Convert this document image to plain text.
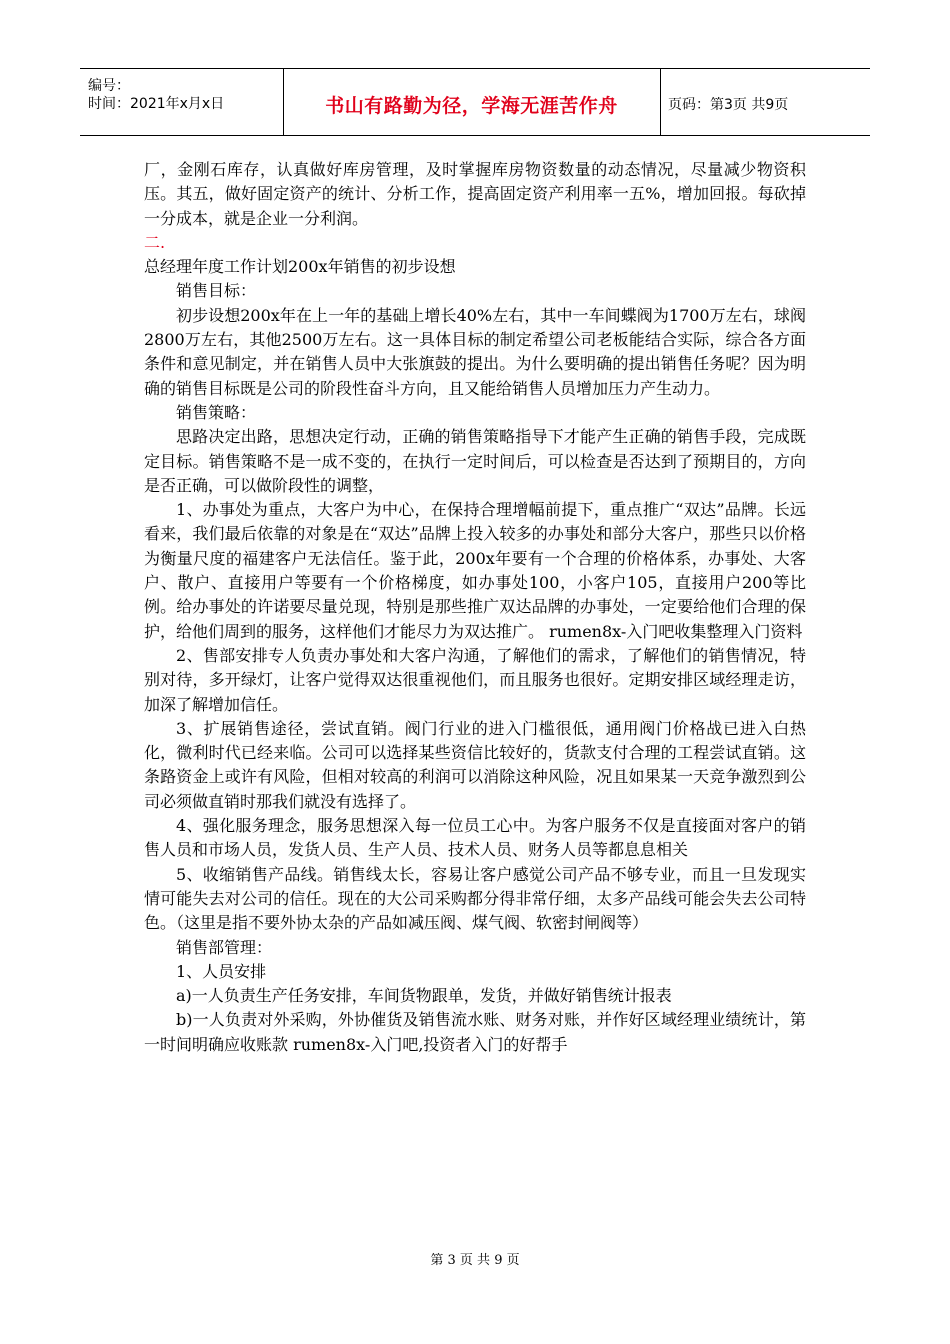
编号：
时间：2021年x月x日	书山有路勤为径，学海无涯苦作舟	页码：第3页 共9页

厂，金刚石库存，认真做好库房管理，及时掌握库房物资数量的动态情况，尽量减少物资积压。其五，做好固定资产的统计、分析工作，提高固定资产利用率一五%，增加回报。每砍掉一分成本，就是企业一分利润。

二.

总经理年度工作计划200x年销售的初步设想

销售目标：

初步设想200x年在上一年的基础上增长40%左右，其中一车间蝶阀为1700万左右，球阀2800万左右，其他2500万左右。这一具体目标的制定希望公司老板能结合实际，综合各方面条件和意见制定，并在销售人员中大张旗鼓的提出。为什么要明确的提出销售任务呢？因为明确的销售目标既是公司的阶段性奋斗方向，且又能给销售人员增加压力产生动力。

销售策略：

思路决定出路，思想决定行动，正确的销售策略指导下才能产生正确的销售手段，完成既定目标。销售策略不是一成不变的，在执行一定时间后，可以检查是否达到了预期目的，方向是否正确，可以做阶段性的调整，

1、办事处为重点，大客户为中心，在保持合理增幅前提下，重点推广“双达”品牌。长远看来，我们最后依靠的对象是在“双达”品牌上投入较多的办事处和部分大客户，那些只以价格为衡量尺度的福建客户无法信任。鉴于此，200x年要有一个合理的价格体系，办事处、大客户、散户、直接用户等要有一个价格梯度，如办事处100，小客户105，直接用户200等比例。给办事处的许诺要尽量兑现，特别是那些推广双达品牌的办事处，一定要给他们合理的保护，给他们周到的服务，这样他们才能尽力为双达推广。 rumen8x-入门吧收集整理入门资料

2、售部安排专人负责办事处和大客户沟通，了解他们的需求，了解他们的销售情况，特别对待，多开绿灯，让客户觉得双达很重视他们，而且服务也很好。定期安排区域经理走访，加深了解增加信任。

3、扩展销售途径，尝试直销。阀门行业的进入门槛很低，通用阀门价格战已进入白热化，微利时代已经来临。公司可以选择某些资信比较好的，货款支付合理的工程尝试直销。这条路资金上或许有风险，但相对较高的利润可以消除这种风险，况且如果某一天竞争激烈到公司必须做直销时那我们就没有选择了。

4、强化服务理念，服务思想深入每一位员工心中。为客户服务不仅是直接面对客户的销售人员和市场人员，发货人员、生产人员、技术人员、财务人员等都息息相关

5、收缩销售产品线。销售线太长，容易让客户感觉公司产品不够专业，而且一旦发现实情可能失去对公司的信任。现在的大公司采购都分得非常仔细，太多产品线可能会失去公司特色。（这里是指不要外协太杂的产品如减压阀、煤气阀、软密封闸阀等）

销售部管理：

1、人员安排

a)一人负责生产任务安排，车间货物跟单，发货，并做好销售统计报表

b)一人负责对外采购，外协催货及销售流水账、财务对账，并作好区域经理业绩统计，第一时间明确应收账款 rumen8x-入门吧,投资者入门的好帮手

第 3 页 共 9 页
